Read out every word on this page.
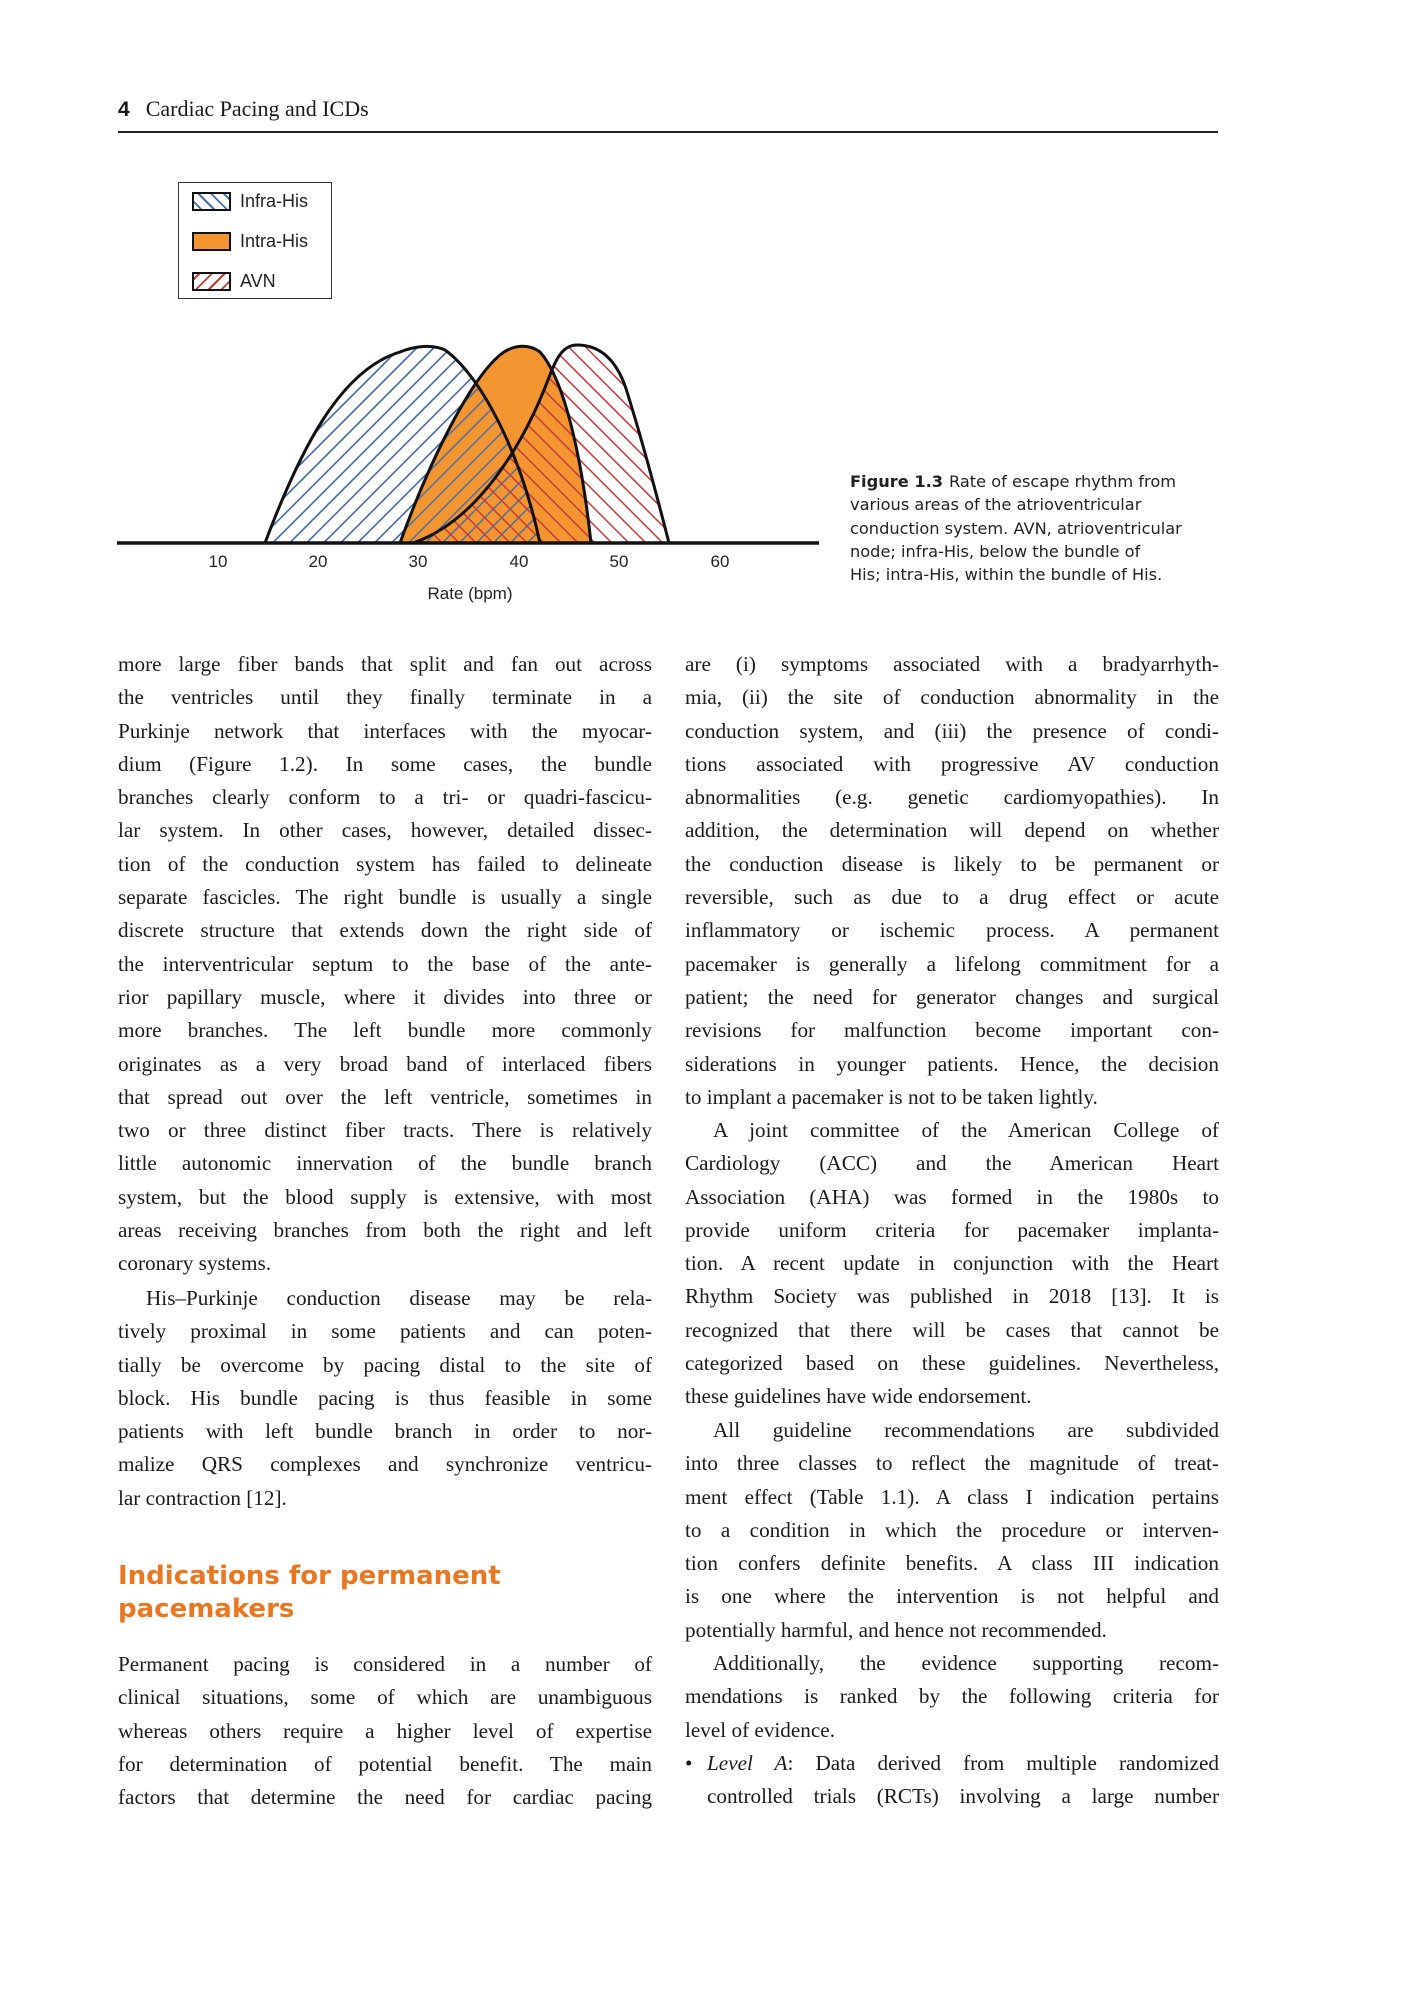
4 Cardiac Pacing and ICDs
10	20	30	40	50	60
Rate (bpm)
Infra-His
Intra-His
AVN
Figure 1.3 Rate of escape rhythm from
various areas of the atrioventricular
conduction system. AVN, atrioventricular
node; infra-His, below the bundle of
His; intra-His, within the bundle of His.
more large fiber bands that split and fan out across
the ventricles until they finally terminate in a
Purkinje network that interfaces with the myocar-
dium (Figure 1.2). In some cases, the bundle
branches clearly conform to a tri- or quadri-fascicu-
lar system. In other cases, however, detailed dissec-
tion of the conduction system has failed to delineate
separate fascicles. The right bundle is usually a single
discrete structure that extends down the right side of
the interventricular septum to the base of the ante-
rior papillary muscle, where it divides into three or
more branches. The left bundle more commonly
originates as a very broad band of interlaced fibers
that spread out over the left ventricle, sometimes in
two or three distinct fiber tracts. There is relatively
little autonomic innervation of the bundle branch
system, but the blood supply is extensive, with most
areas receiving branches from both the right and left
coronary systems.
His–Purkinje conduction disease may be rela-
tively proximal in some patients and can poten-
tially be overcome by pacing distal to the site of
block. His bundle pacing is thus feasible in some
patients with left bundle branch in order to nor-
malize QRS complexes and synchronize ventricu-
lar contraction [12].
Indications for permanent
pacemakers
Permanent pacing is considered in a number of
clinical situations, some of which are unambiguous
whereas others require a higher level of expertise
for determination of potential benefit. The main
factors that determine the need for cardiac pacing
are (i) symptoms associated with a bradyarrhyth-
mia, (ii) the site of conduction abnormality in the
conduction system, and (iii) the presence of condi-
tions associated with progressive AV conduction
abnormalities (e.g. genetic cardiomyopathies). In
addition, the determination will depend on whether
the conduction disease is likely to be permanent or
reversible, such as due to a drug effect or acute
inflammatory or ischemic process. A permanent
pacemaker is generally a lifelong commitment for a
patient; the need for generator changes and surgical
revisions for malfunction become important con-
siderations in younger patients. Hence, the decision
to implant a pacemaker is not to be taken lightly.
A joint committee of the American College of
Cardiology (ACC) and the American Heart
Association (AHA) was formed in the 1980s to
provide uniform criteria for pacemaker implanta-
tion. A recent update in conjunction with the Heart
Rhythm Society was published in 2018 [13]. It is
recognized that there will be cases that cannot be
categorized based on these guidelines. Nevertheless,
these guidelines have wide endorsement.
All guideline recommendations are subdivided
into three classes to reflect the magnitude of treat-
ment effect (Table 1.1). A class I indication pertains
to a condition in which the procedure or interven-
tion confers definite benefits. A class III indication
is one where the intervention is not helpful and
potentially harmful, and hence not recommended.
Additionally, the evidence supporting recom-
mendations is ranked by the following criteria for
level of evidence.
• Level A: Data derived from multiple randomized
controlled trials (RCTs) involving a large number
